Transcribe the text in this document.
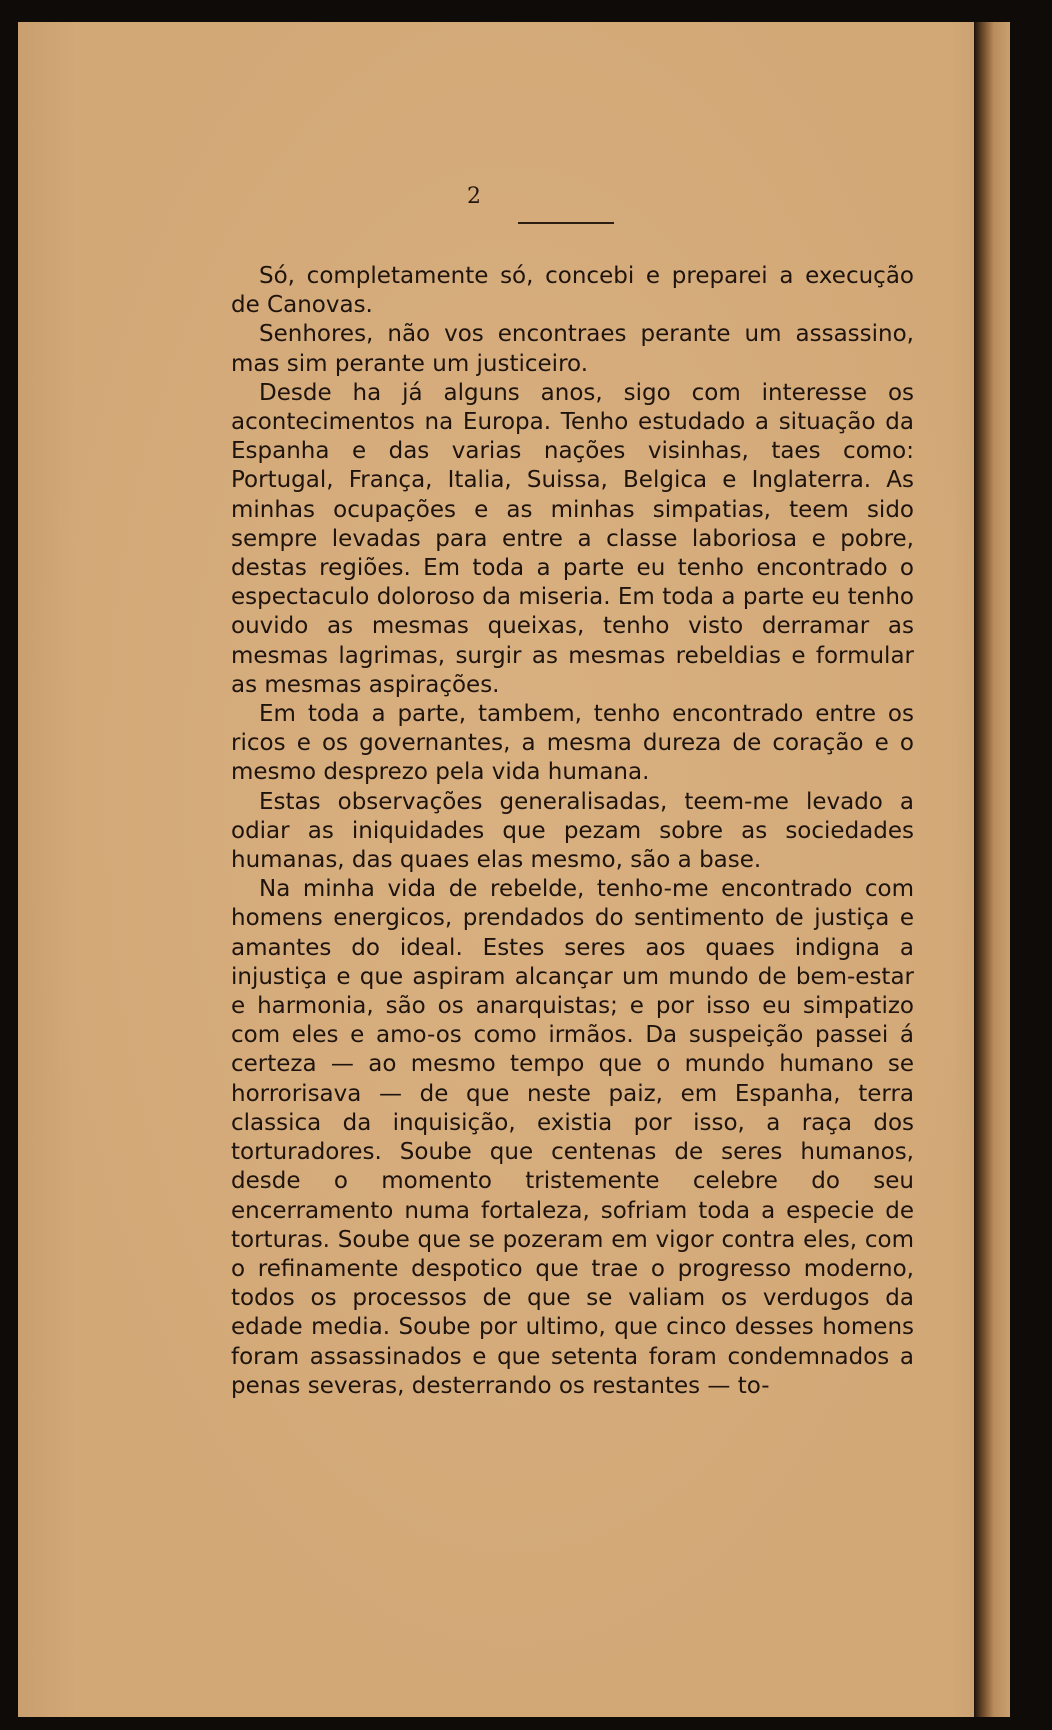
2

Só, completamente só, concebi e preparei a execução de Canovas.

Senhores, não vos encontraes perante um assassino, mas sim perante um justiceiro.

Desde ha já alguns anos, sigo com interesse os acontecimentos na Europa. Tenho estudado a situação da Espanha e das varias nações visinhas, taes como: Portugal, França, Italia, Suissa, Belgica e Inglaterra. As minhas ocupações e as minhas simpatias, teem sido sempre levadas para entre a classe laboriosa e pobre, destas regiões. Em toda a parte eu tenho encontrado o espectaculo doloroso da miseria. Em toda a parte eu tenho ouvido as mesmas queixas, tenho visto derramar as mesmas lagrimas, surgir as mesmas rebeldias e formular as mesmas aspirações.

Em toda a parte, tambem, tenho encontrado entre os ricos e os governantes, a mesma dureza de coração e o mesmo desprezo pela vida humana.

Estas observações generalisadas, teem-me levado a odiar as iniquidades que pezam sobre as sociedades humanas, das quaes elas mesmo, são a base.

Na minha vida de rebelde, tenho-me encontrado com homens energicos, prendados do sentimento de justiça e amantes do ideal. Estes seres aos quaes indigna a injustiça e que aspiram alcançar um mundo de bem-estar e harmonia, são os anarquistas; e por isso eu simpatizo com eles e amo-os como irmãos. Da suspeição passei á certeza — ao mesmo tempo que o mundo humano se horrorisava — de que neste paiz, em Espanha, terra classica da inquisição, existia por isso, a raça dos torturadores. Soube que centenas de seres humanos, desde o momento tristemente celebre do seu encerramento numa fortaleza, sofriam toda a especie de torturas. Soube que se pozeram em vigor contra eles, com o refinamente despotico que trae o progresso moderno, todos os processos de que se valiam os verdugos da edade media. Soube por ultimo, que cinco desses homens foram assassinados e que setenta foram condemnados a penas severas, desterrando os restantes — to-
